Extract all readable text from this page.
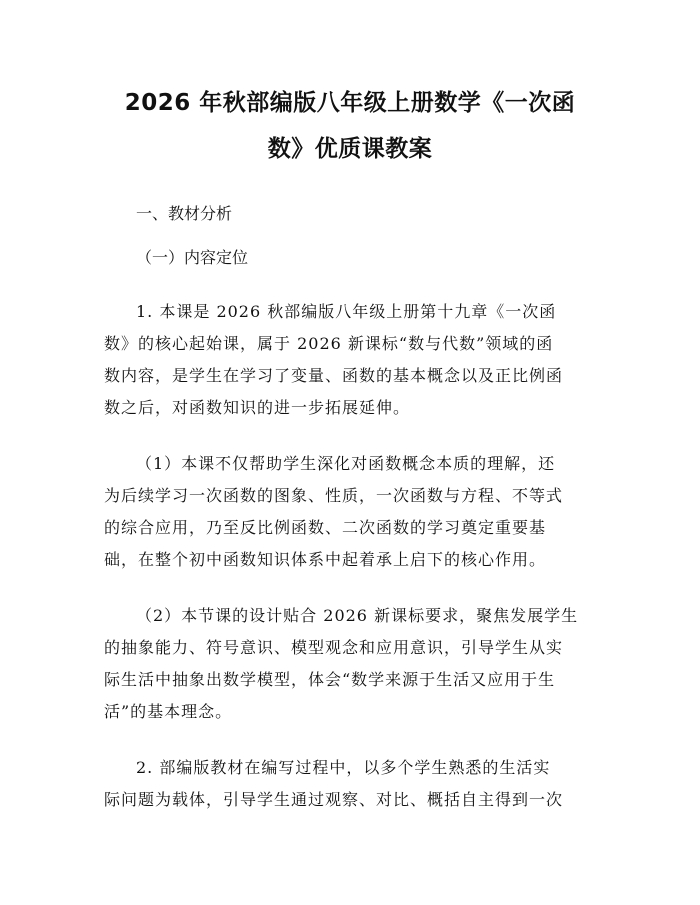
2026 年秋部编版八年级上册数学《一次函
数》优质课教案
一、教材分析
（一）内容定位

1. 本课是 2026 秋部编版八年级上册第十九章《一次函
数》的核心起始课，属于 2026 新课标“数与代数”领域的函
数内容，是学生在学习了变量、函数的基本概念以及正比例函
数之后，对函数知识的进一步拓展延伸。

（1）本课不仅帮助学生深化对函数概念本质的理解，还
为后续学习一次函数的图象、性质，一次函数与方程、不等式
的综合应用，乃至反比例函数、二次函数的学习奠定重要基
础，在整个初中函数知识体系中起着承上启下的核心作用。

（2）本节课的设计贴合 2026 新课标要求，聚焦发展学生
的抽象能力、符号意识、模型观念和应用意识，引导学生从实
际生活中抽象出数学模型，体会“数学来源于生活又应用于生
活”的基本理念。

2. 部编版教材在编写过程中，以多个学生熟悉的生活实
际问题为载体，引导学生通过观察、对比、概括自主得到一次
